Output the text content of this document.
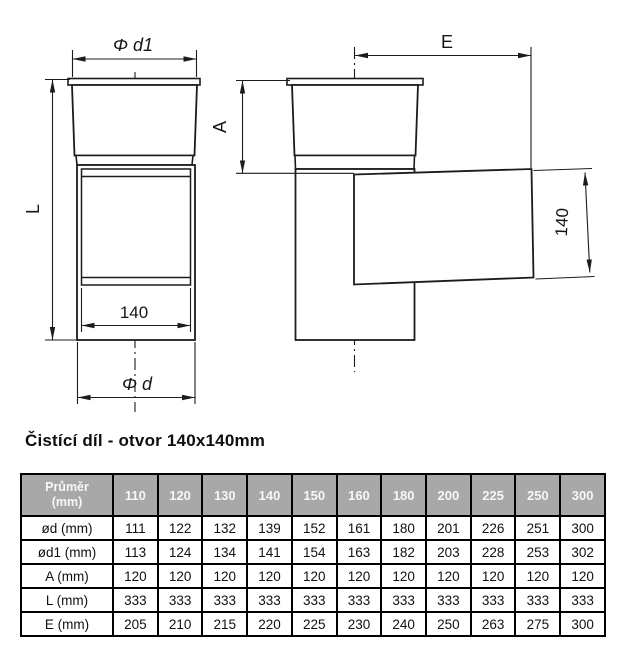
140
Φ d
Φ d1
L
A
E
140
Čistící díl - otvor 140x140mm
Průměr
(mm)	110	120	130	140	150	160	180	200	225	250	300
ød (mm)	111	122	132	139	152	161	180	201	226	251	300
ød1 (mm)	113	124	134	141	154	163	182	203	228	253	302
A (mm)	120	120	120	120	120	120	120	120	120	120	120
L (mm)	333	333	333	333	333	333	333	333	333	333	333
E (mm)	205	210	215	220	225	230	240	250	263	275	300
